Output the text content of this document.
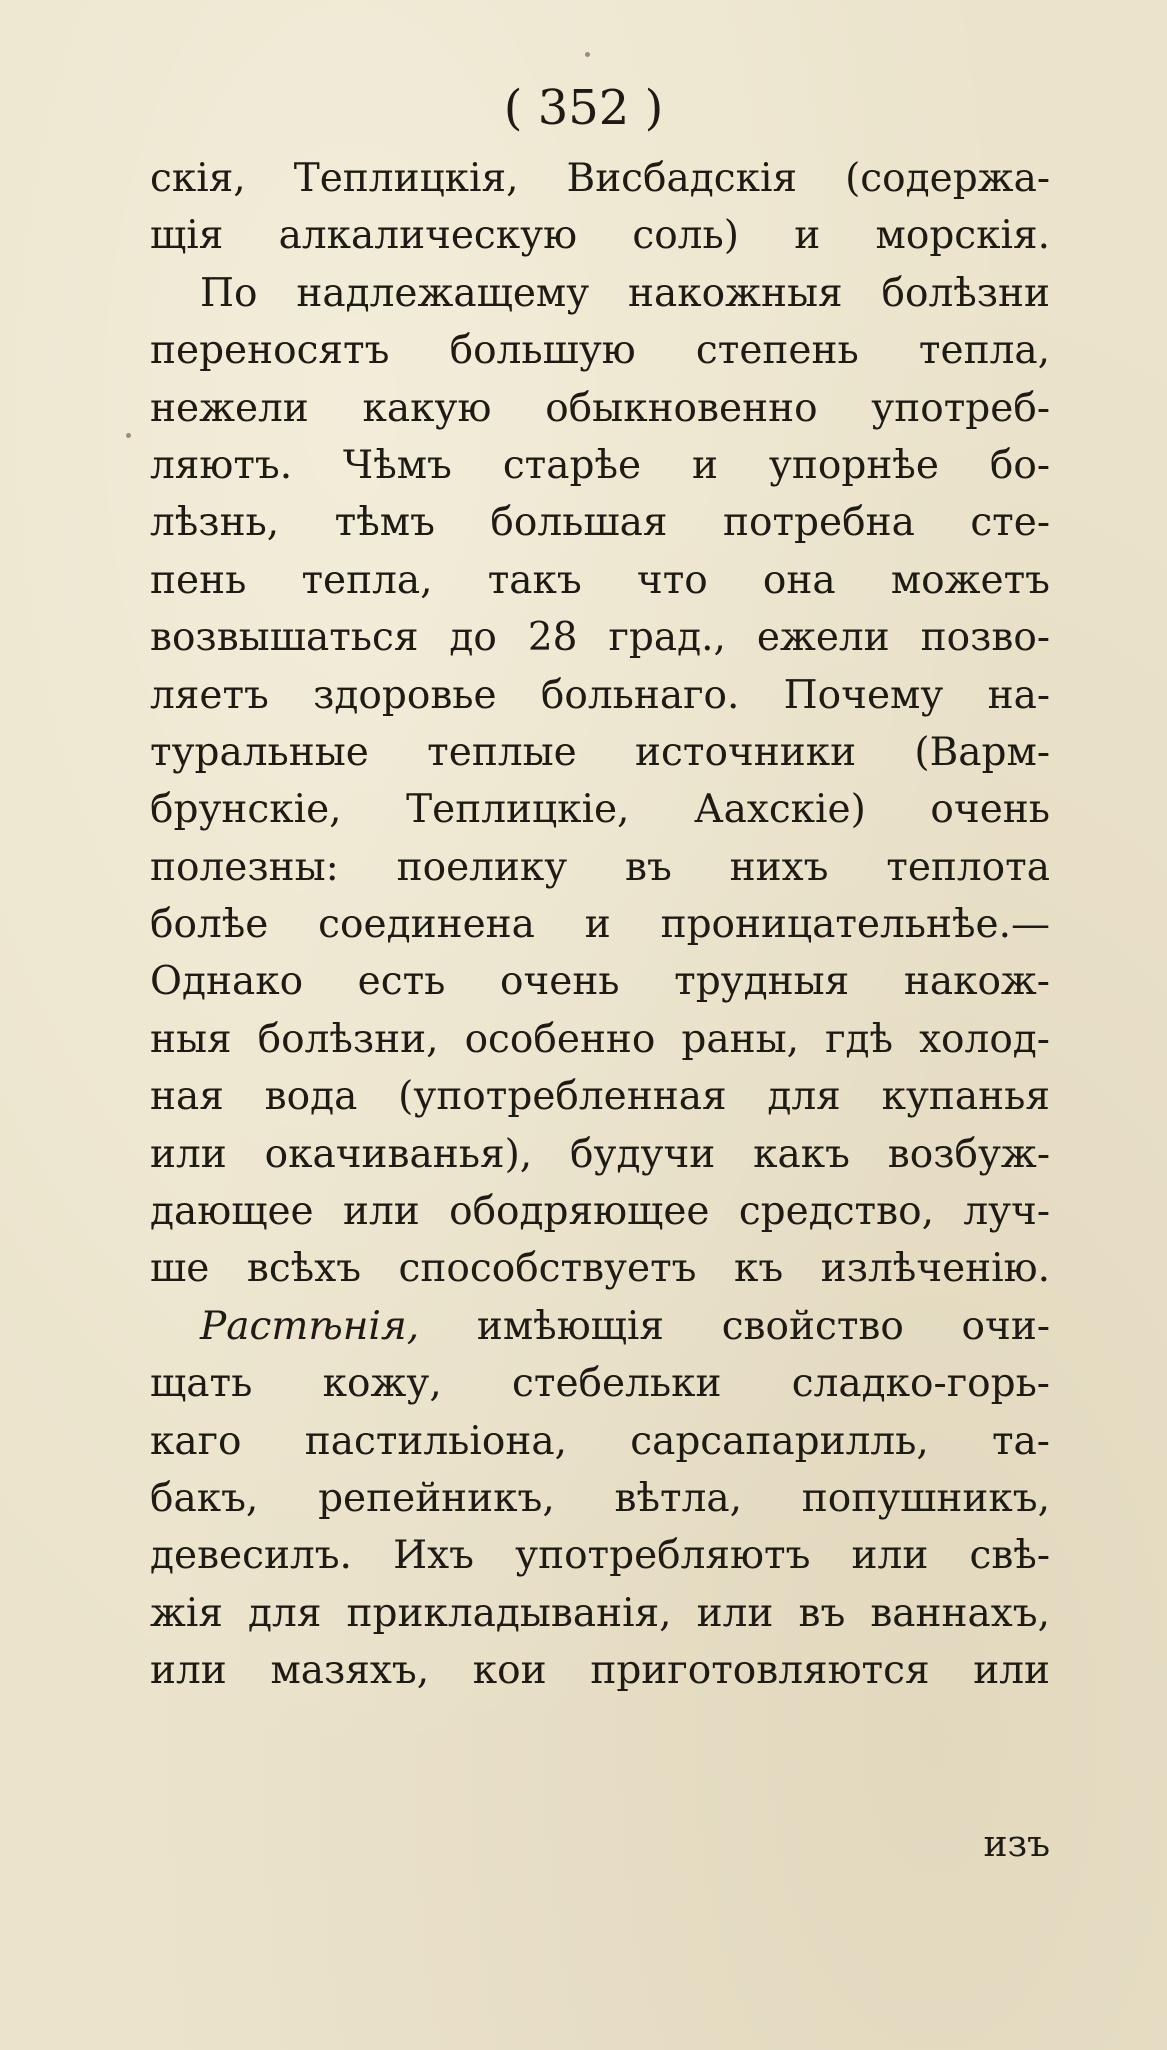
( 352 )
скія, Теплицкія, Висбадскія (содержа-
щія алкалическую соль) и морскія.
По надлежащему накожныя болѣзни
переносятъ большую степень тепла,
нежели какую обыкновенно употреб-
ляютъ. Чѣмъ старѣе и упорнѣе бо-
лѣзнь, тѣмъ большая потребна сте-
пень тепла, такъ что она можетъ
возвышаться до 28 град., ежели позво-
ляетъ здоровье больнаго. Почему на-
туральные теплые источники (Варм-
брунскіе, Теплицкіе, Аахскіе) очень
полезны: поелику въ нихъ теплота
болѣе соединена и проницательнѣе.—
Однако есть очень трудныя накож-
ныя болѣзни, особенно раны, гдѣ холод-
ная вода (употребленная для купанья
или окачиванья), будучи какъ возбуж-
дающее или ободряющее средство, луч-
ше всѣхъ способствуетъ къ излѣченію.
Растѣнія, имѣющія свойство очи-
щать кожу, стебельки сладко-горь-
каго пастильіона, сарсапарилль, та-
бакъ, репейникъ, вѣтла, попушникъ,
девесилъ. Ихъ употребляютъ или свѣ-
жія для прикладыванія, или въ ваннахъ,
или мазяхъ, кои приготовляются или
изъ
